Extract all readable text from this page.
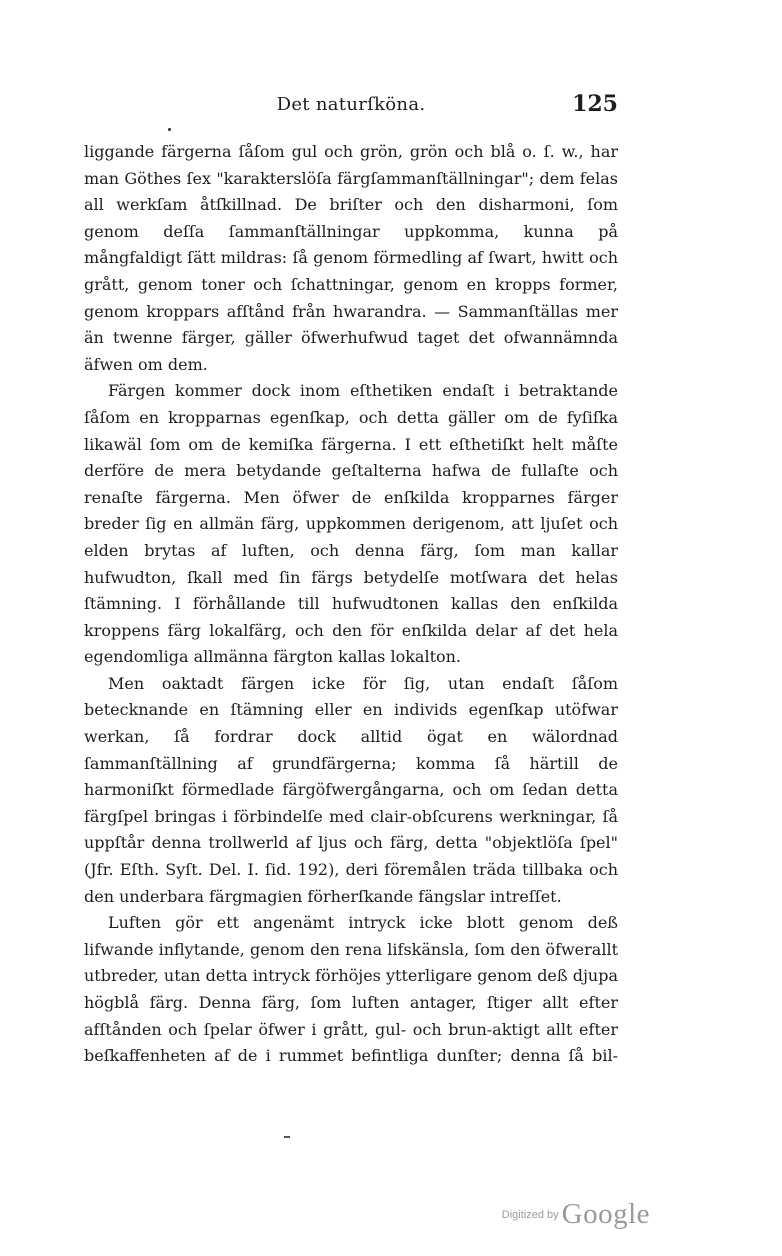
Det naturſköna.	125

liggande färgerna ſåſom gul och grön, grön och blå o. ſ. w., har man Göthes ſex "karakterslöſa färgſammanſtällningar"; dem felas all werkſam åtſkillnad. De briſter och den disharmoni, ſom genom deſſa ſammanſtällningar uppkomma, kunna på mångfaldigt ſätt mildras: ſå genom förmedling af ſwart, hwitt och grått, genom toner och ſchattningar, genom en kropps former, genom kroppars afſtånd från hwarandra. — Sammanſtällas mer än twenne färger, gäller öfwerhufwud taget det ofwannämnda äfwen om dem.

Färgen kommer dock inom eſthetiken endaſt i betraktande ſåſom en kropparnas egenſkap, och detta gäller om de fyſiſka likawäl ſom om de kemiſka färgerna. I ett eſthetiſkt helt måſte derföre de mera betydande geſtalterna hafwa de fullaſte och renaſte färgerna. Men öfwer de enſkilda kropparnes färger breder ſig en allmän färg, uppkommen derigenom, att ljuſet och elden brytas af luften, och denna färg, ſom man kallar hufwudton, ſkall med ſin färgs betydelſe motſwara det helas ſtämning. I förhållande till hufwudtonen kallas den enſkilda kroppens färg lokalfärg, och den för enſkilda delar af det hela egendomliga allmänna färgton kallas lokalton.

Men oaktadt färgen icke för ſig, utan endaſt ſåſom betecknande en ſtämning eller en individs egenſkap utöfwar werkan, ſå fordrar dock alltid ögat en wälordnad ſammanſtällning af grundfärgerna; komma ſå härtill de harmoniſkt förmedlade färgöfwergångarna, och om ſedan detta färgſpel bringas i förbindelſe med clair-obſcurens werkningar, ſå uppſtår denna trollwerld af ljus och färg, detta "objektlöſa ſpel" (Jfr. Eſth. Syſt. Del. I. ſid. 192), deri föremålen träda tillbaka och den underbara färgmagien förherſkande fängslar intreſſet.

Luften gör ett angenämt intryck icke blott genom deß lifwande inflytande, genom den rena lifskänsla, ſom den öfwerallt utbreder, utan detta intryck förhöjes ytterligare genom deß djupa högblå färg. Denna färg, ſom luften antager, ſtiger allt efter afſtånden och ſpelar öfwer i grått, gul- och brun-aktigt allt efter beſkaffenheten af de i rummet befintliga dunſter; denna ſå bil-

Digitized by Google
